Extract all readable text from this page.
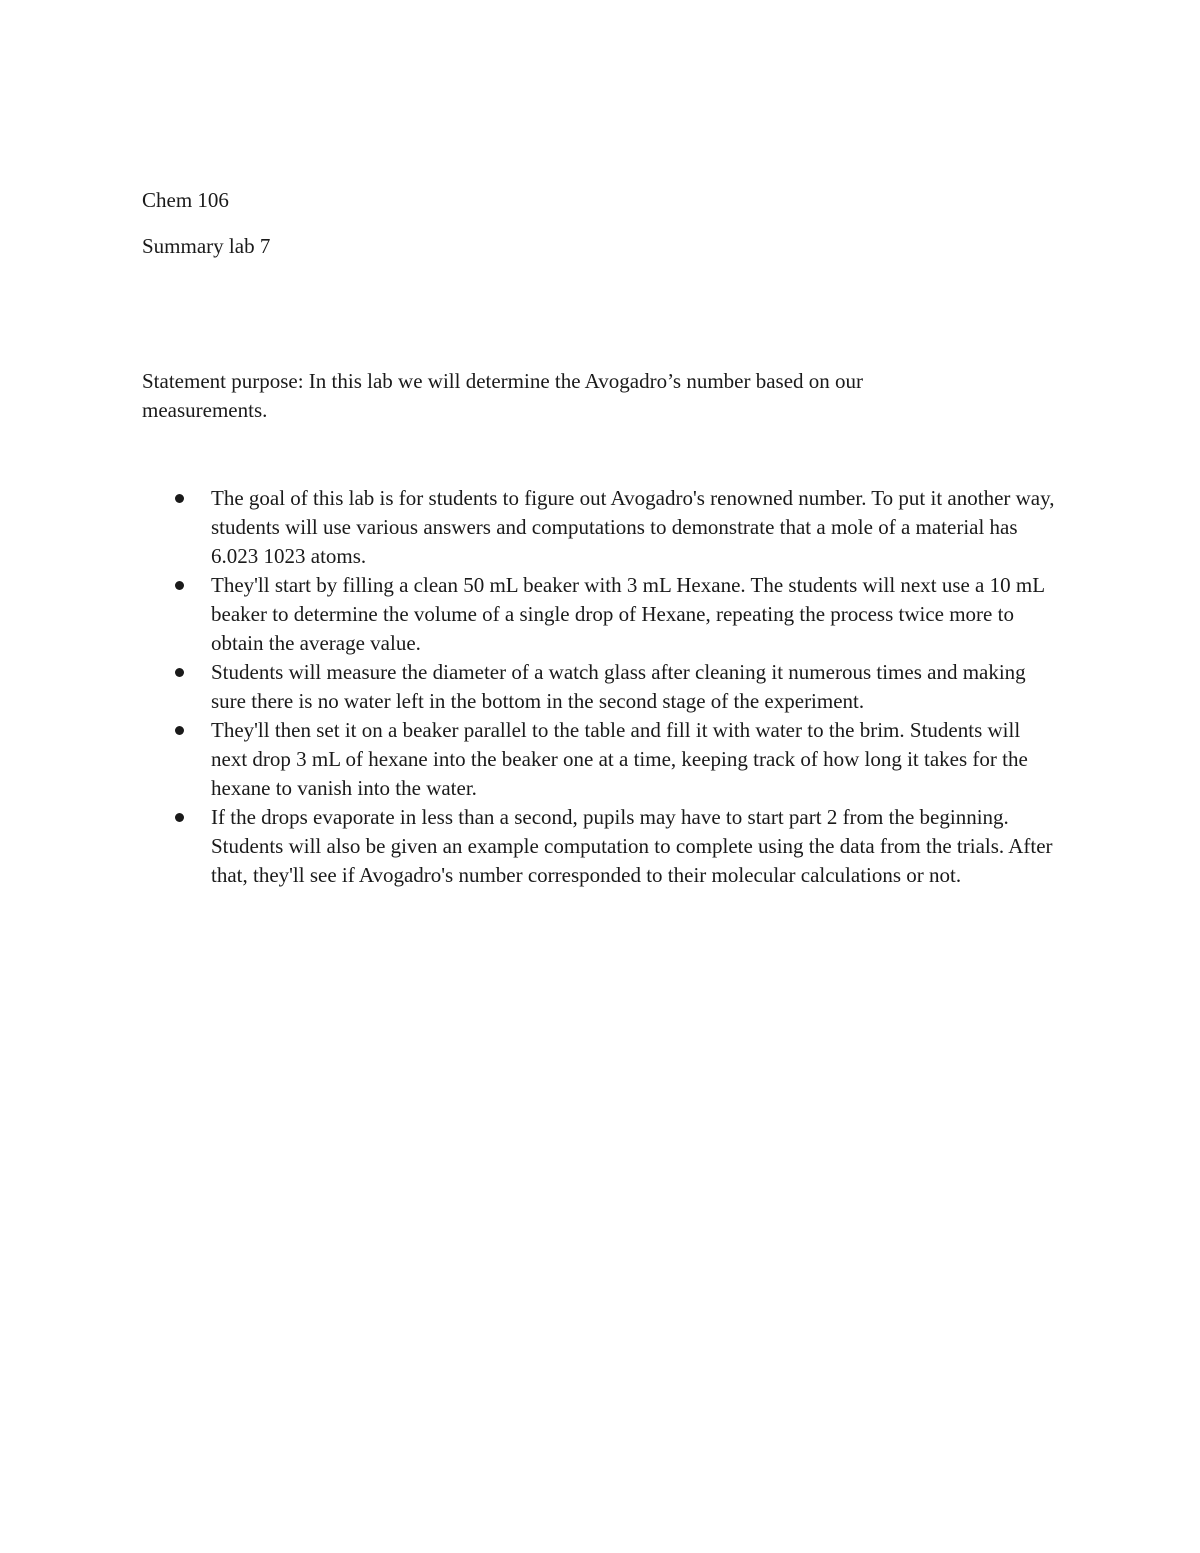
Chem 106

Summary lab 7

Statement purpose: In this lab we will determine the Avogadro’s number based on our measurements.

The goal of this lab is for students to figure out Avogadro's renowned number. To put it another way, students will use various answers and computations to demonstrate that a mole of a material has 6.023 1023 atoms.
They'll start by filling a clean 50 mL beaker with 3 mL Hexane. The students will next use a 10 mL beaker to determine the volume of a single drop of Hexane, repeating the process twice more to obtain the average value.
Students will measure the diameter of a watch glass after cleaning it numerous times and making sure there is no water left in the bottom in the second stage of the experiment.
They'll then set it on a beaker parallel to the table and fill it with water to the brim. Students will next drop 3 mL of hexane into the beaker one at a time, keeping track of how long it takes for the hexane to vanish into the water.
If the drops evaporate in less than a second, pupils may have to start part 2 from the beginning. Students will also be given an example computation to complete using the data from the trials. After that, they'll see if Avogadro's number corresponded to their molecular calculations or not.
